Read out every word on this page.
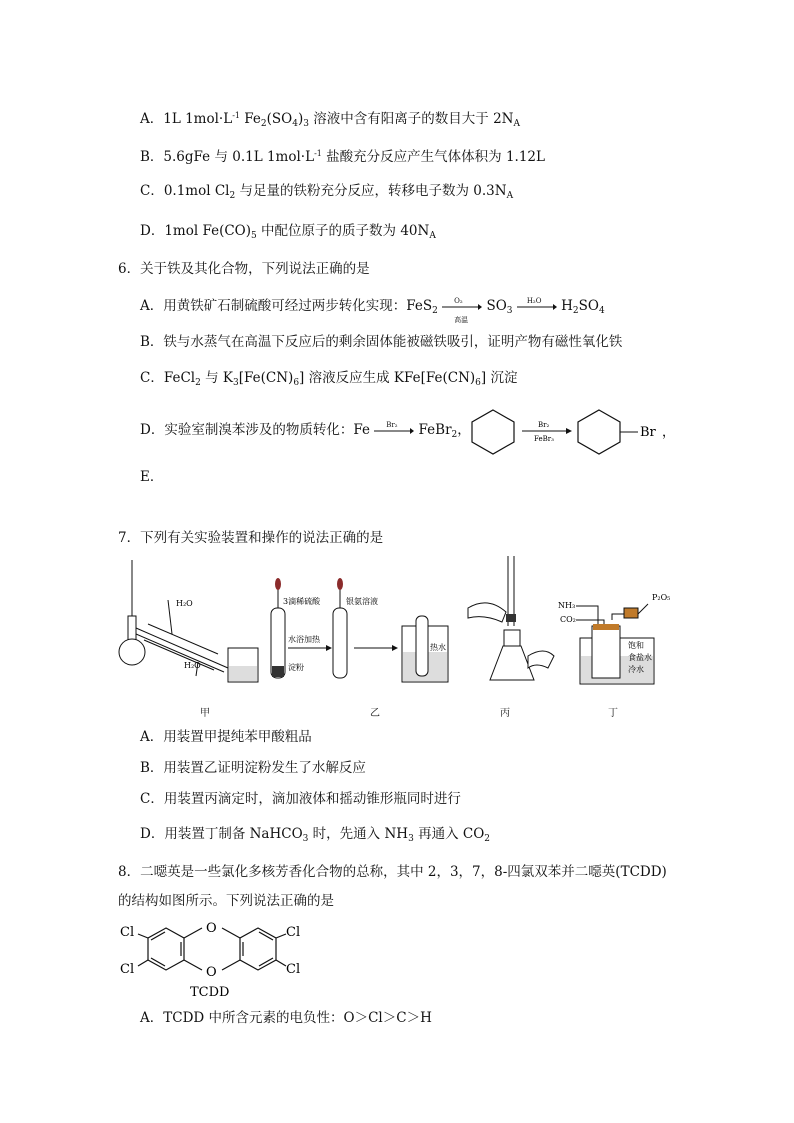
A．1L $1mol\cdot L^{-1}$ $Fe_2(SO_4)_3$ 溶液中含有阳离子的数目大于 $2N_A$
B．5.6gFe 与 0.1L $1mol\cdot L^{-1}$ 盐酸充分反应产生气体体积为 1.12L
C．0.1mol $Cl_2$ 与足量的铁粉充分反应，转移电子数为 $0.3N_A$
D．1mol $Fe(CO)_5$ 中配位原子的质子数为 $40N_A$
6．关于铁及其化合物，下列说法正确的是
A．用黄铁矿石制硫酸可经过两步转化实现：FeS$_2$
O₂
高温
$SO_3$
H₂O $H_2SO_4$
B．铁与水蒸气在高温下反应后的剩余固体能被磁铁吸引，证明产物有磁性氧化铁
C．FeCl$_2$ 与 $K_3[Fe(CN)_6]$ 溶液反应生成 $KFe[Fe(CN)_6]$ 沉淀
D．实验室制溴苯涉及的物质转化：Fe Br₂ FeBr$_2$，	Br₂
FeBr₃	Br ，
E．
7．下列有关实验装置和操作的说法正确的是
H₂O
H₂O
3滴稀硫酸
水浴加热
淀粉
银氨溶液
热水
NH₃
CO₂
P₂O₅
饱和
食盐水
冷水
甲	乙	丙	丁
A．用装置甲提纯苯甲酸粗品
B．用装置乙证明淀粉发生了水解反应
C．用装置丙滴定时，滴加液体和摇动锥形瓶同时进行
D．用装置丁制备 NaHCO$_3$ 时，先通入 $NH_3$ 再通入 $CO_2$
8．二噁英是一些氯化多核芳香化合物的总称，其中 2，3，7，8-四氯双苯并二噁英(TCDD)
的结构如图所示。下列说法正确的是
O
O
Cl
Cl
Cl
Cl
TCDD
A．TCDD 中所含元素的电负性：O＞Cl＞C＞H
